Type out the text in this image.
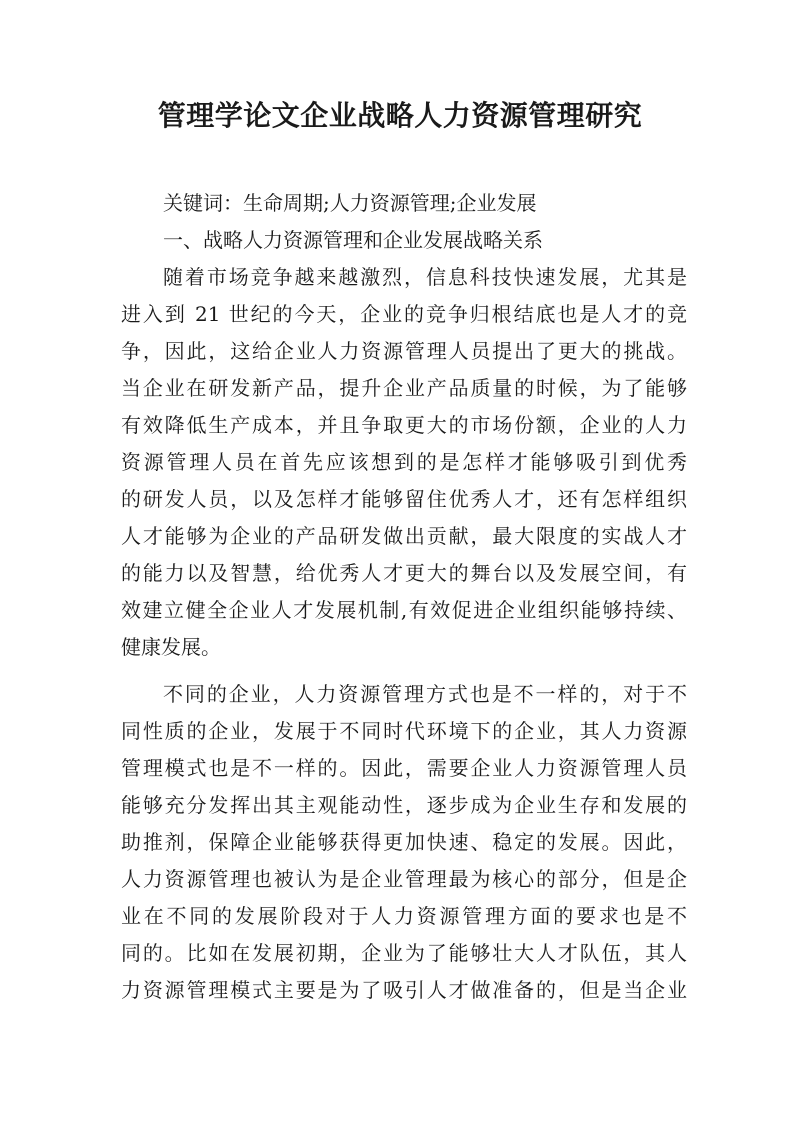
管理学论文企业战略人力资源管理研究
关键词：生命周期;人力资源管理;企业发展
一、战略人力资源管理和企业发展战略关系
随着市场竞争越来越激烈，信息科技快速发展，尤其是
进入到 21 世纪的今天，企业的竞争归根结底也是人才的竞
争，因此，这给企业人力资源管理人员提出了更大的挑战。
当企业在研发新产品，提升企业产品质量的时候，为了能够
有效降低生产成本，并且争取更大的市场份额，企业的人力
资源管理人员在首先应该想到的是怎样才能够吸引到优秀
的研发人员，以及怎样才能够留住优秀人才，还有怎样组织
人才能够为企业的产品研发做出贡献，最大限度的实战人才
的能力以及智慧，给优秀人才更大的舞台以及发展空间，有
效建立健全企业人才发展机制,有效促进企业组织能够持续、
健康发展。
不同的企业，人力资源管理方式也是不一样的，对于不
同性质的企业，发展于不同时代环境下的企业，其人力资源
管理模式也是不一样的。因此，需要企业人力资源管理人员
能够充分发挥出其主观能动性，逐步成为企业生存和发展的
助推剂，保障企业能够获得更加快速、稳定的发展。因此，
人力资源管理也被认为是企业管理最为核心的部分，但是企
业在不同的发展阶段对于人力资源管理方面的要求也是不
同的。比如在发展初期，企业为了能够壮大人才队伍，其人
力资源管理模式主要是为了吸引人才做准备的，但是当企业
